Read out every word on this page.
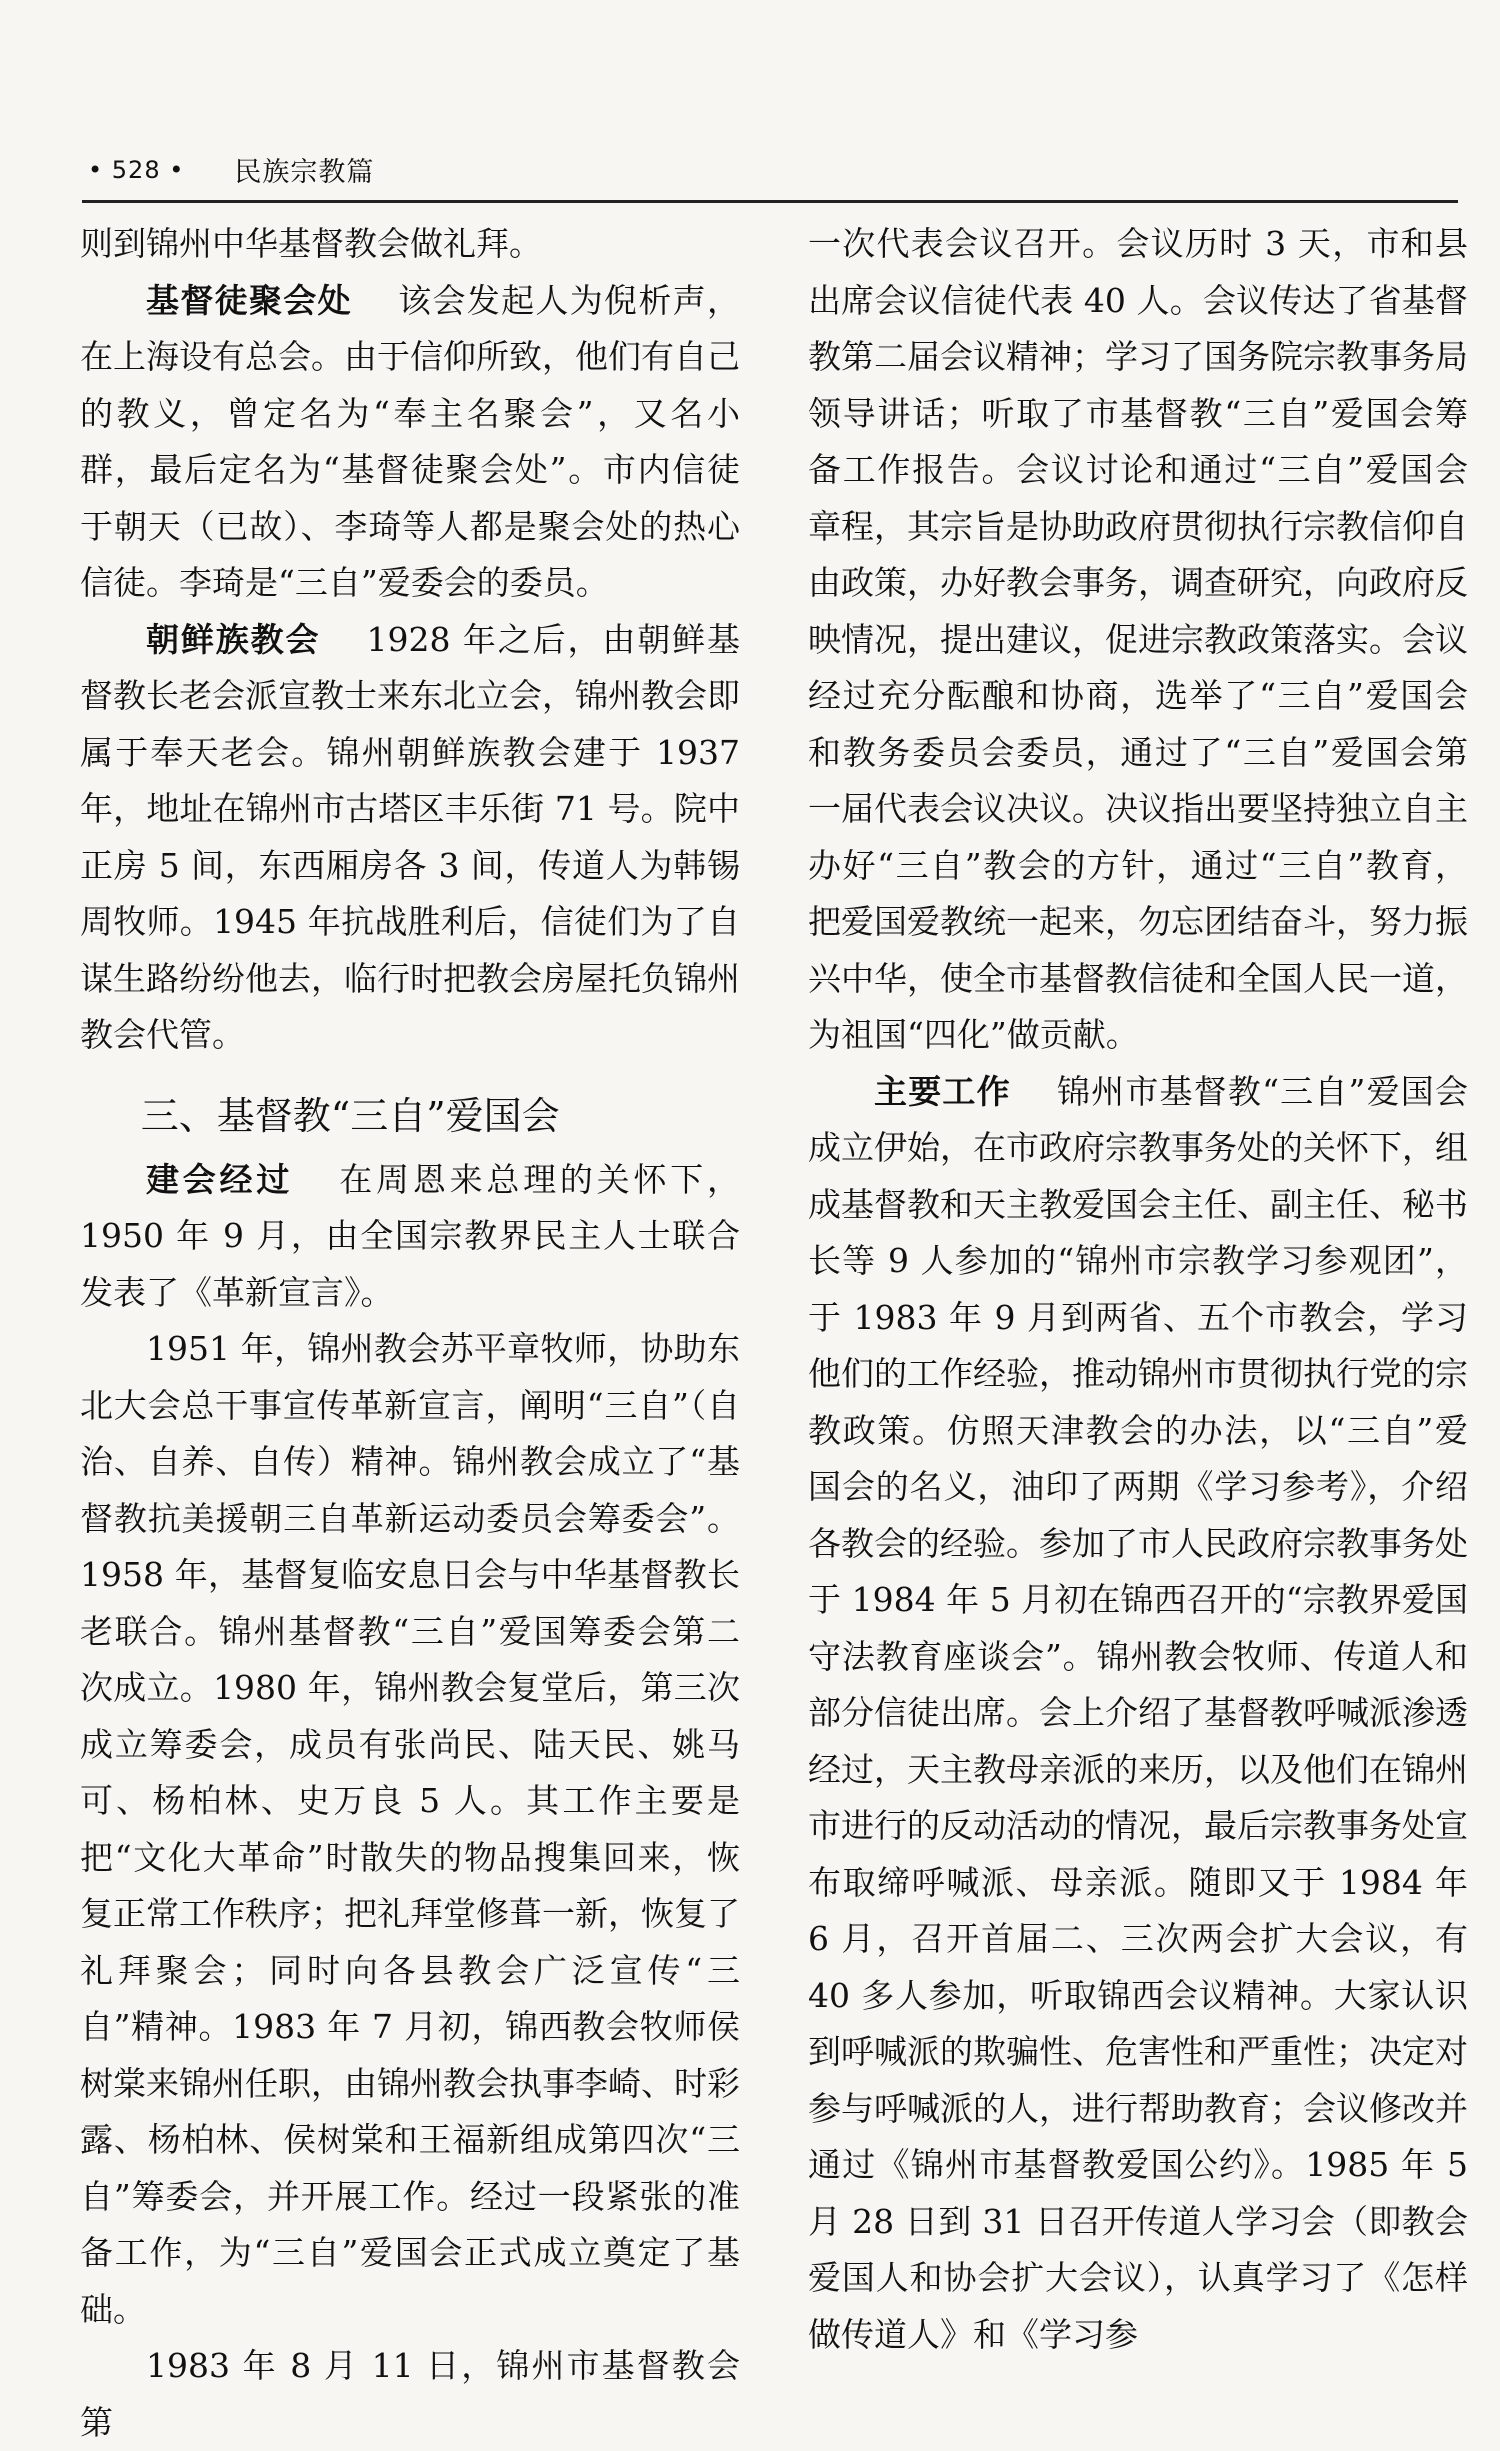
• 528 • 民族宗教篇

则到锦州中华基督教会做礼拜。

基督徒聚会处 该会发起人为倪析声，在上海设有总会。由于信仰所致，他们有自己的教义，曾定名为“奉主名聚会”，又名小群，最后定名为“基督徒聚会处”。市内信徒于朝天（已故）、李琦等人都是聚会处的热心信徒。李琦是“三自”爱委会的委员。

朝鲜族教会 1928 年之后，由朝鲜基督教长老会派宣教士来东北立会，锦州教会即属于奉天老会。锦州朝鲜族教会建于 1937 年，地址在锦州市古塔区丰乐街 71 号。院中正房 5 间，东西厢房各 3 间，传道人为韩锡周牧师。1945 年抗战胜利后，信徒们为了自谋生路纷纷他去，临行时把教会房屋托负锦州教会代管。

三、基督教“三自”爱国会

建会经过 在周恩来总理的关怀下，1950 年 9 月，由全国宗教界民主人士联合发表了《革新宣言》。

1951 年，锦州教会苏平章牧师，协助东北大会总干事宣传革新宣言，阐明“三自”（自治、自养、自传）精神。锦州教会成立了“基督教抗美援朝三自革新运动委员会筹委会”。1958 年，基督复临安息日会与中华基督教长老联合。锦州基督教“三自”爱国筹委会第二次成立。1980 年，锦州教会复堂后，第三次成立筹委会，成员有张尚民、陆天民、姚马可、杨柏林、史万良 5 人。其工作主要是把“文化大革命”时散失的物品搜集回来，恢复正常工作秩序；把礼拜堂修葺一新，恢复了礼拜聚会；同时向各县教会广泛宣传“三自”精神。1983 年 7 月初，锦西教会牧师侯树棠来锦州任职，由锦州教会执事李崎、时彩露、杨柏林、侯树棠和王福新组成第四次“三自”筹委会，并开展工作。经过一段紧张的准备工作，为“三自”爱国会正式成立奠定了基础。

1983 年 8 月 11 日，锦州市基督教会第

一次代表会议召开。会议历时 3 天，市和县出席会议信徒代表 40 人。会议传达了省基督教第二届会议精神；学习了国务院宗教事务局领导讲话；听取了市基督教“三自”爱国会筹备工作报告。会议讨论和通过“三自”爱国会章程，其宗旨是协助政府贯彻执行宗教信仰自由政策，办好教会事务，调查研究，向政府反映情况，提出建议，促进宗教政策落实。会议经过充分酝酿和协商，选举了“三自”爱国会和教务委员会委员，通过了“三自”爱国会第一届代表会议决议。决议指出要坚持独立自主办好“三自”教会的方针，通过“三自”教育，把爱国爱教统一起来，勿忘团结奋斗，努力振兴中华，使全市基督教信徒和全国人民一道，为祖国“四化”做贡献。

主要工作 锦州市基督教“三自”爱国会成立伊始，在市政府宗教事务处的关怀下，组成基督教和天主教爱国会主任、副主任、秘书长等 9 人参加的“锦州市宗教学习参观团”，于 1983 年 9 月到两省、五个市教会，学习他们的工作经验，推动锦州市贯彻执行党的宗教政策。仿照天津教会的办法，以“三自”爱国会的名义，油印了两期《学习参考》，介绍各教会的经验。参加了市人民政府宗教事务处于 1984 年 5 月初在锦西召开的“宗教界爱国守法教育座谈会”。锦州教会牧师、传道人和部分信徒出席。会上介绍了基督教呼喊派渗透经过，天主教母亲派的来历，以及他们在锦州市进行的反动活动的情况，最后宗教事务处宣布取缔呼喊派、母亲派。随即又于 1984 年 6 月，召开首届二、三次两会扩大会议，有 40 多人参加，听取锦西会议精神。大家认识到呼喊派的欺骗性、危害性和严重性；决定对参与呼喊派的人，进行帮助教育；会议修改并通过《锦州市基督教爱国公约》。1985 年 5 月 28 日到 31 日召开传道人学习会（即教会爱国人和协会扩大会议），认真学习了《怎样做传道人》和《学习参
